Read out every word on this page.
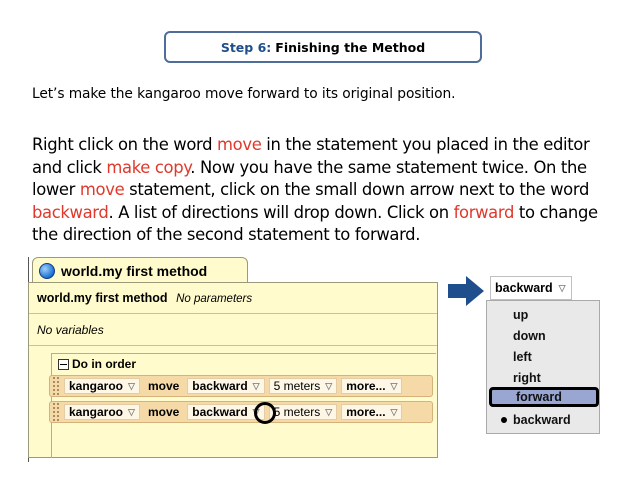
Step 6: Finishing the Method
Let’s make the kangaroo move forward to its original position.

Right click on the word move in the statement you placed in the editor

and click make copy. Now you have the same statement twice. On the

lower move statement, click on the small down arrow next to the word

backward. A list of directions will drop down. Click on forward to change

the direction of the second statement to forward.

world.my first method
world.my first method No parameters
No variables
Do in order
kangaroo ▽	move	backward ▽ 5 meters ▽ more... ▽
kangaroo ▽	move	backward ▽ 5 meters ▽ more... ▽
backward ▽
up
down
left
right
forward
backward
